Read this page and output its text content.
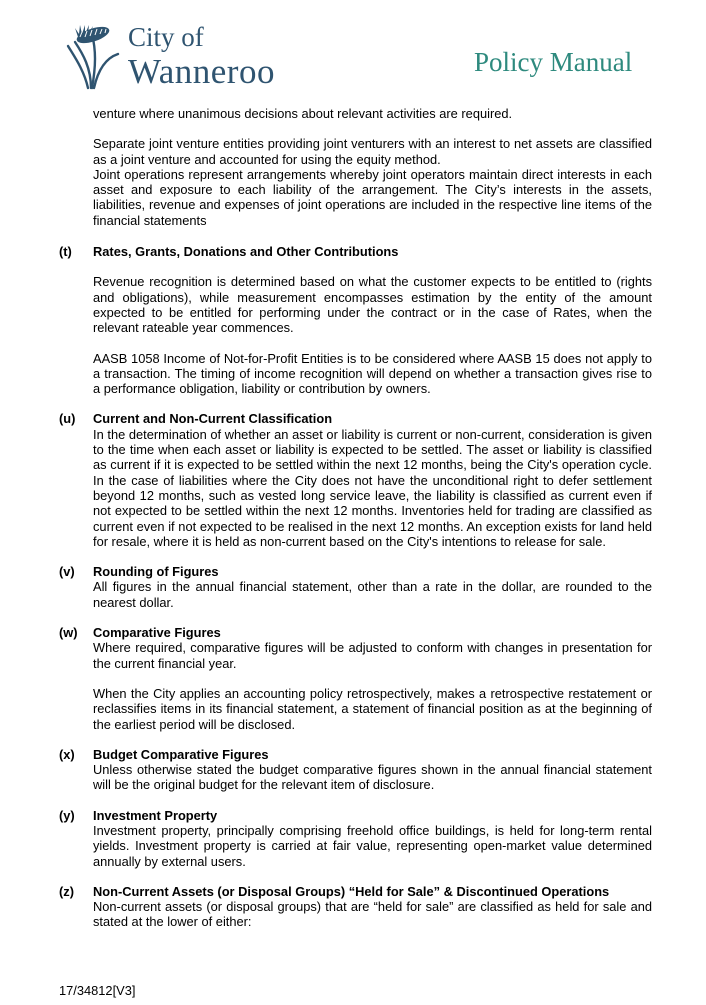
City of
Wanneroo	Policy Manual
venture where unanimous decisions about relevant activities are required.
Separate joint venture entities providing joint venturers with an interest to net assets are classified as a joint venture and accounted for using the equity method.
Joint operations represent arrangements whereby joint operators maintain direct interests in each asset and exposure to each liability of the arrangement. The City’s interests in the assets, liabilities, revenue and expenses of joint operations are included in the respective line items of the financial statements
(t) Rates, Grants, Donations and Other Contributions
Revenue recognition is determined based on what the customer expects to be entitled to (rights and obligations), while measurement encompasses estimation by the entity of the amount expected to be entitled for performing under the contract or in the case of Rates, when the relevant rateable year commences.
AASB 1058 Income of Not-for-Profit Entities is to be considered where AASB 15 does not apply to a transaction. The timing of income recognition will depend on whether a transaction gives rise to a performance obligation, liability or contribution by owners.
(u) Current and Non-Current Classification
In the determination of whether an asset or liability is current or non-current, consideration is given to the time when each asset or liability is expected to be settled. The asset or liability is classified as current if it is expected to be settled within the next 12 months, being the City's operation cycle. In the case of liabilities where the City does not have the unconditional right to defer settlement beyond 12 months, such as vested long service leave, the liability is classified as current even if not expected to be settled within the next 12 months. Inventories held for trading are classified as current even if not expected to be realised in the next 12 months. An exception exists for land held for resale, where it is held as non-current based on the City's intentions to release for sale.
(v) Rounding of Figures
All figures in the annual financial statement, other than a rate in the dollar, are rounded to the nearest dollar.
(w) Comparative Figures
Where required, comparative figures will be adjusted to conform with changes in presentation for the current financial year.
When the City applies an accounting policy retrospectively, makes a retrospective restatement or reclassifies items in its financial statement, a statement of financial position as at the beginning of the earliest period will be disclosed.
(x) Budget Comparative Figures
Unless otherwise stated the budget comparative figures shown in the annual financial statement will be the original budget for the relevant item of disclosure.
(y) Investment Property
Investment property, principally comprising freehold office buildings, is held for long-term rental yields. Investment property is carried at fair value, representing open-market value determined annually by external users.
(z) Non-Current Assets (or Disposal Groups) “Held for Sale” & Discontinued Operations
Non-current assets (or disposal groups) that are “held for sale” are classified as held for sale and stated at the lower of either:
17/34812[V3]
